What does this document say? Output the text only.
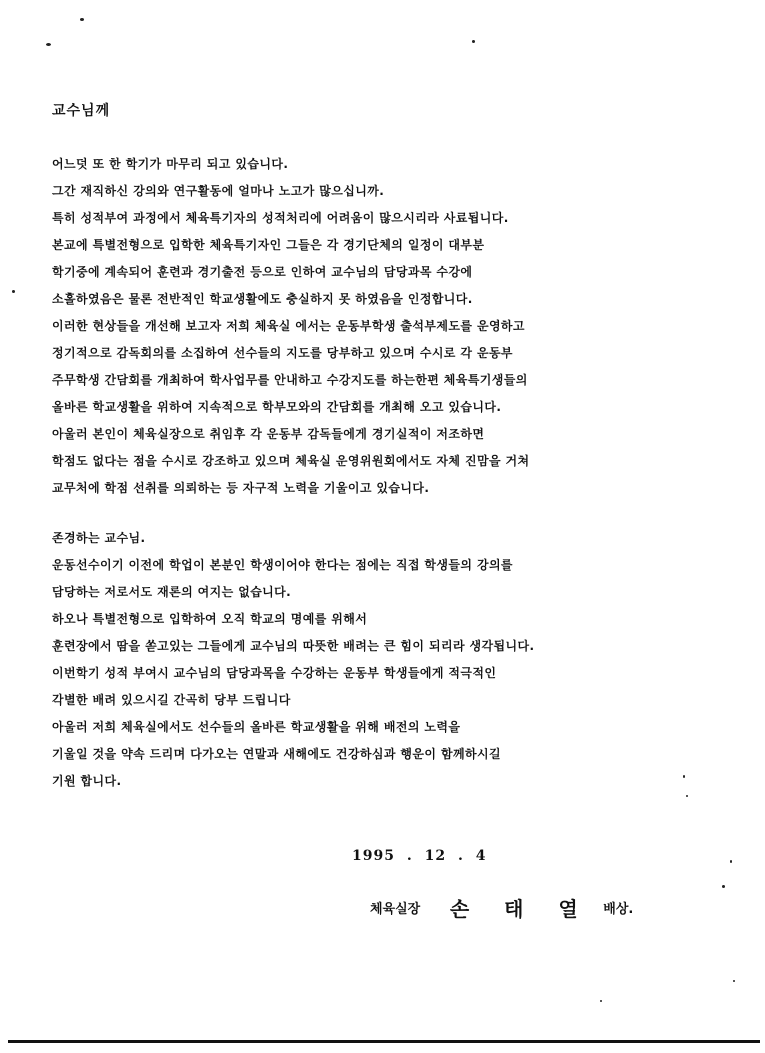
교수님께
어느덧 또 한 학기가 마무리 되고 있습니다.
그간 재직하신 강의와 연구활동에 얼마나 노고가 많으십니까.
특히 성적부여 과정에서 체육특기자의 성적처리에 어려움이 많으시리라 사료됩니다.
본교에 특별전형으로 입학한 체육특기자인 그들은 각 경기단체의 일정이 대부분
학기중에 계속되어 훈련과 경기출전 등으로 인하여 교수님의 담당과목 수강에
소홀하였음은 물론 전반적인 학교생활에도 충실하지 못 하였음을 인정합니다.
이러한 현상들을 개선해 보고자 저희 체육실 에서는 운동부학생 출석부제도를 운영하고
정기적으로 감독회의를 소집하여 선수들의 지도를 당부하고 있으며 수시로 각 운동부
주무학생 간담회를 개최하여 학사업무를 안내하고 수강지도를 하는한편 체육특기생들의
올바른 학교생활을 위하여 지속적으로 학부모와의 간담회를 개최해 오고 있습니다.
아울러 본인이 체육실장으로 취임후 각 운동부 감독들에게 경기실적이 저조하면
학점도 없다는 점을 수시로 강조하고 있으며 체육실 운영위원회에서도 자체 진맘을 거쳐
교무처에 학점 선취를 의뢰하는 등 자구적 노력을 기울이고 있습니다.
존경하는 교수님.
운동선수이기 이전에 학업이 본분인 학생이어야 한다는 점에는 직접 학생들의 강의를
담당하는 저로서도 재론의 여지는 없습니다.
하오나 특별전형으로 입학하여 오직 학교의 명예를 위해서
훈련장에서 땀을 쏟고있는 그들에게 교수님의 따뜻한 배려는 큰 힘이 되리라 생각됩니다.
이번학기 성적 부여시 교수님의 담당과목을 수강하는 운동부 학생들에게 적극적인
각별한 배려 있으시길 간곡히 당부 드립니다
아울러 저희 체육실에서도 선수들의 올바른 학교생활을 위해 배전의 노력을
기울일 것을 약속 드리며 다가오는 연말과 새해에도 건강하심과 행운이 함께하시길
기원 합니다.
1995 . 12 . 4
체육실장 손 태 열 배상.
